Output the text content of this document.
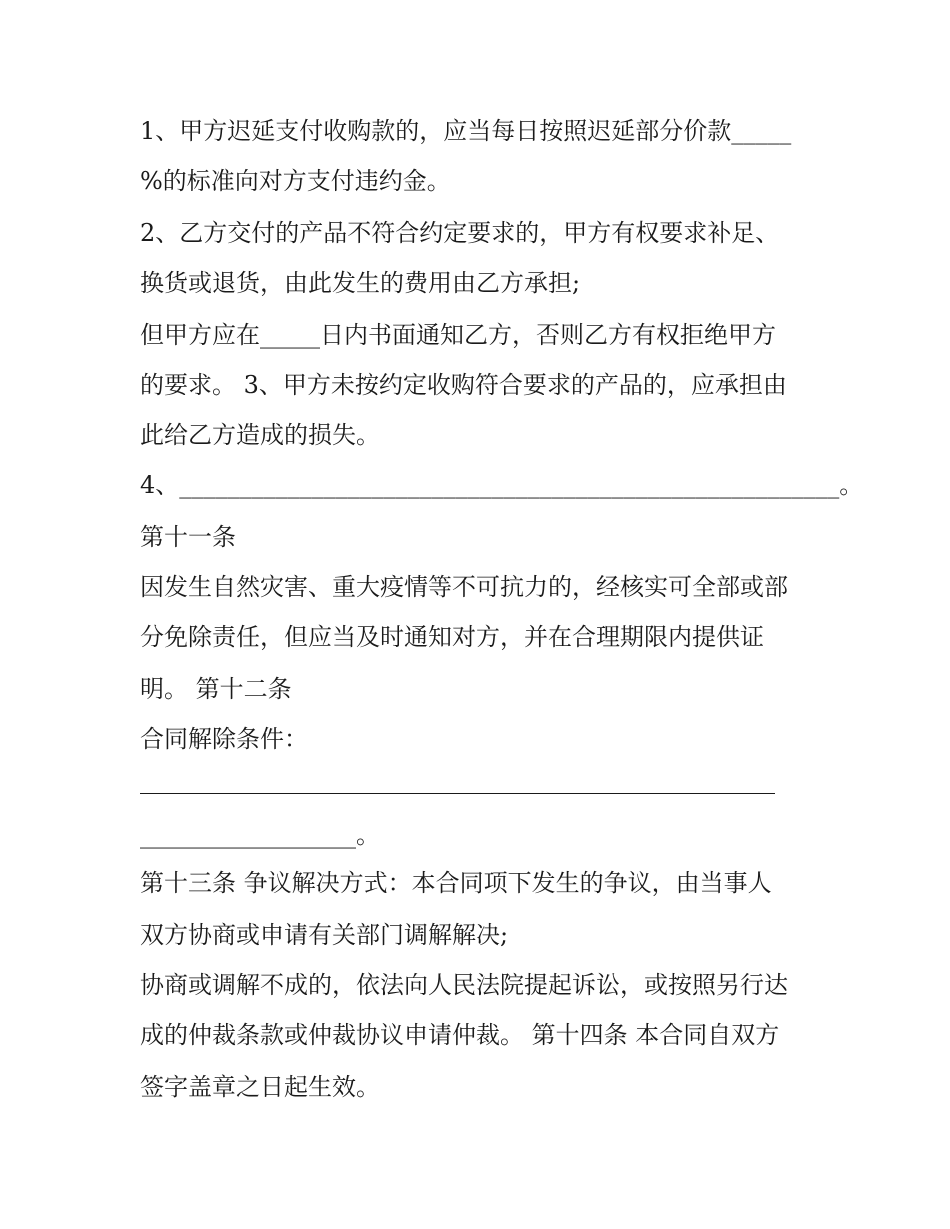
1、甲方迟延支付收购款的，应当每日按照迟延部分价款_____
%的标准向对方支付违约金。
2、乙方交付的产品不符合约定要求的，甲方有权要求补足、
换货或退货，由此发生的费用由乙方承担;
但甲方应在_____日内书面通知乙方，否则乙方有权拒绝甲方
的要求。 3、甲方未按约定收购符合要求的产品的，应承担由
此给乙方造成的损失。
4、_______________________________________________________。
第十一条
因发生自然灾害、重大疫情等不可抗力的，经核实可全部或部
分免除责任，但应当及时通知对方，并在合理期限内提供证
明。 第十二条
合同解除条件：
__________________。
第十三条 争议解决方式：本合同项下发生的争议，由当事人
双方协商或申请有关部门调解解决;
协商或调解不成的，依法向人民法院提起诉讼，或按照另行达
成的仲裁条款或仲裁协议申请仲裁。 第十四条 本合同自双方
签字盖章之日起生效。
